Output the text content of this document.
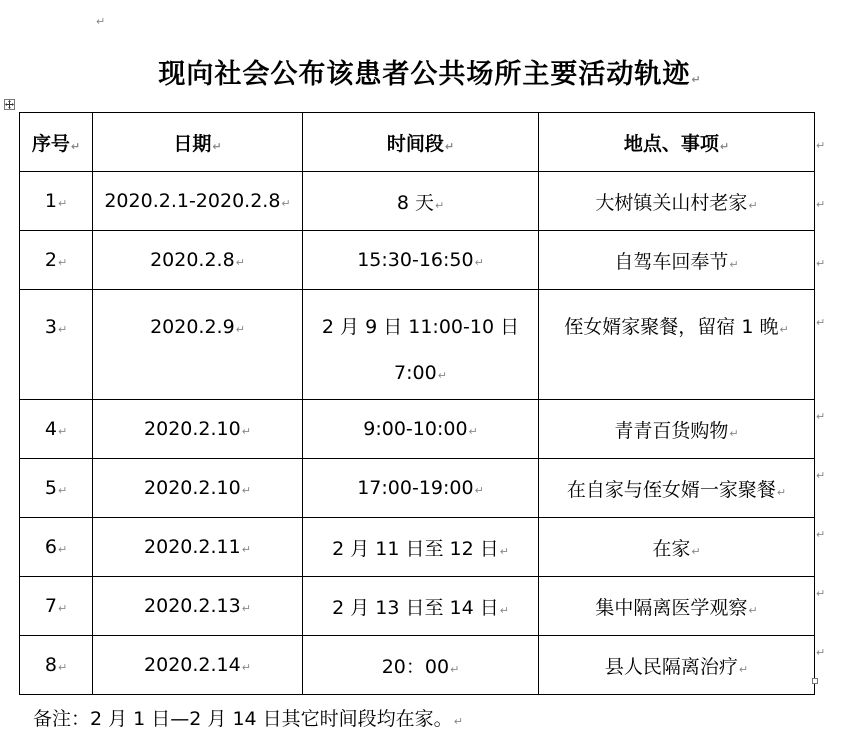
↵
现向社会公布该患者公共场所主要活动轨迹↵
序号↵	日期↵	时间段↵	地点、事项↵
1↵	2020.2.1-2020.2.8↵	8 天↵	大树镇关山村老家↵
2↵	2020.2.8↵	15:30-16:50↵	自驾车回奉节↵
3↵	2020.2.9↵	2 月 9 日 11:00-10 日 7:00↵	侄女婿家聚餐，留宿 1 晚↵
4↵	2020.2.10↵	9:00-10:00↵	青青百货购物↵
5↵	2020.2.10↵	17:00-19:00↵	在自家与侄女婿一家聚餐↵
6↵	2020.2.11↵	2 月 11 日至 12 日↵	在家↵
7↵	2020.2.13↵	2 月 13 日至 14 日↵	集中隔离医学观察↵
8↵	2020.2.14↵	20：00↵	县人民隔离治疗↵
↵
↵
↵
↵
↵
↵
↵
↵
↵
备注：2 月 1 日—2 月 14 日其它时间段均在家。↵
